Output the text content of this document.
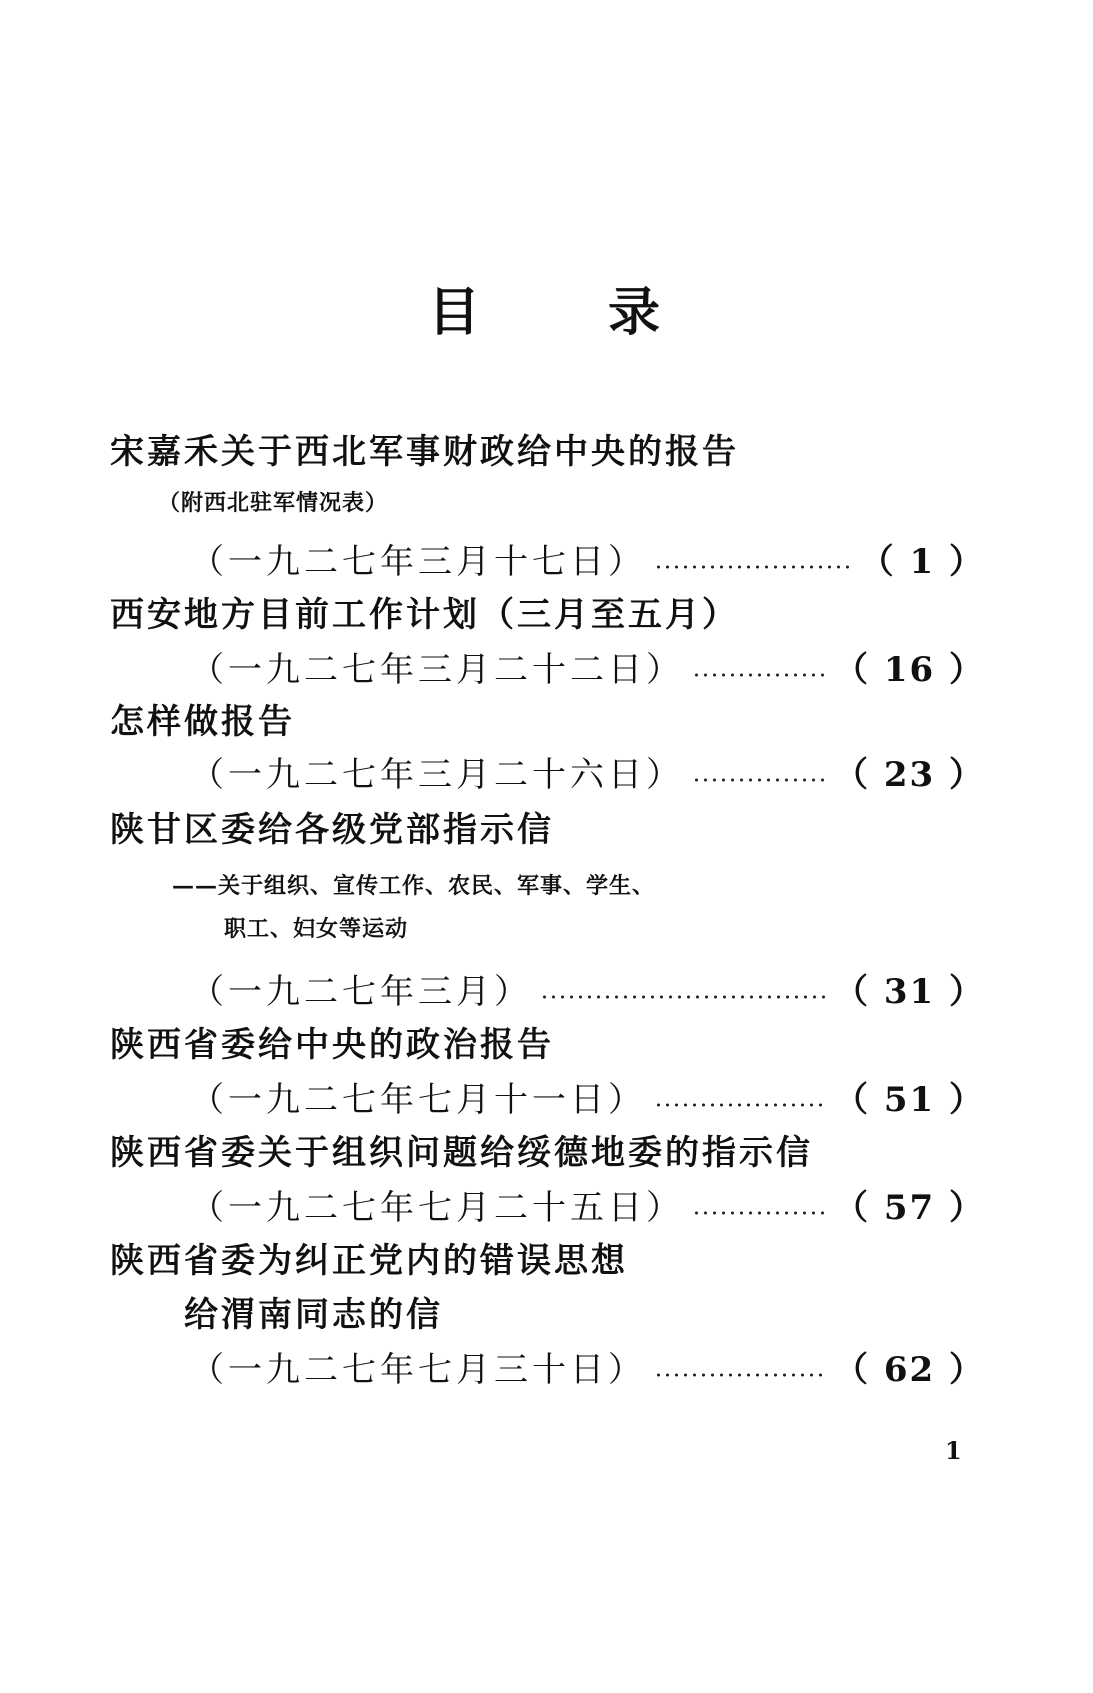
目 录
宋嘉禾关于西北军事财政给中央的报告
（附西北驻军情况表）
（一九二七年三月十七日）	（ 1 ）
西安地方目前工作计划（三月至五月）
（一九二七年三月二十二日）	（ 16 ）
怎样做报告
（一九二七年三月二十六日）	（ 23 ）
陕甘区委给各级党部指示信
——关于组织、宣传工作、农民、军事、学生、
职工、妇女等运动
（一九二七年三月）	（ 31 ）
陕西省委给中央的政治报告
（一九二七年七月十一日）	（ 51 ）
陕西省委关于组织问题给绥德地委的指示信
（一九二七年七月二十五日）	（ 57 ）
陕西省委为纠正党内的错误思想
给渭南同志的信
（一九二七年七月三十日）	（ 62 ）
1
